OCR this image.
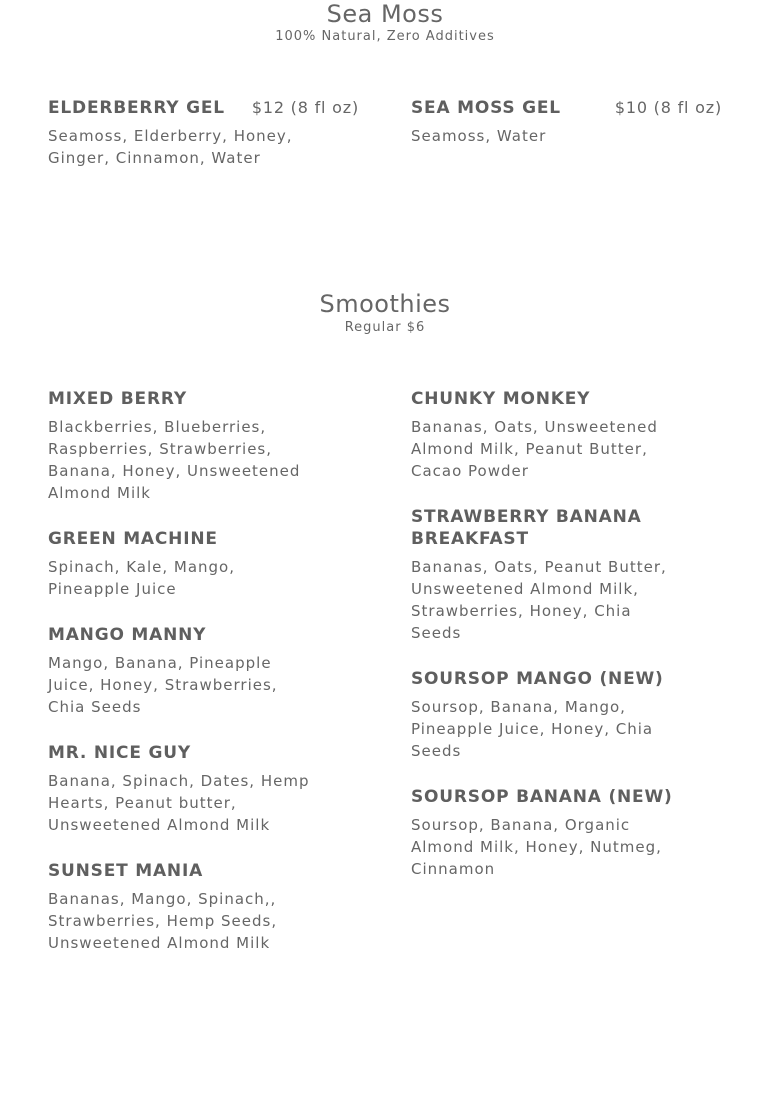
Sea Moss
100% Natural, Zero Additives
ELDERBERRY GEL $12 (8 fl oz)

Seamoss, Elderberry, Honey, Ginger, Cinnamon, Water

SEA MOSS GEL	$10 (8 fl oz)

Seamoss, Water

Smoothies
Regular $6
MIXED BERRY

Blackberries, Blueberries, Raspberries, Strawberries, Banana, Honey, Unsweetened Almond Milk

GREEN MACHINE

Spinach, Kale, Mango, Pineapple Juice

MANGO MANNY

Mango, Banana, Pineapple Juice, Honey, Strawberries, Chia Seeds

MR. NICE GUY

Banana, Spinach, Dates, Hemp Hearts, Peanut butter, Unsweetened Almond Milk

SUNSET MANIA

Bananas, Mango, Spinach,, Strawberries, Hemp Seeds, Unsweetened Almond Milk

CHUNKY MONKEY

Bananas, Oats, Unsweetened Almond Milk, Peanut Butter, Cacao Powder

STRAWBERRY BANANA BREAKFAST

Bananas, Oats, Peanut Butter, Unsweetened Almond Milk, Strawberries, Honey, Chia Seeds

SOURSOP MANGO (NEW)

Soursop, Banana, Mango, Pineapple Juice, Honey, Chia Seeds

SOURSOP BANANA (NEW)

Soursop, Banana, Organic Almond Milk, Honey, Nutmeg, Cinnamon
